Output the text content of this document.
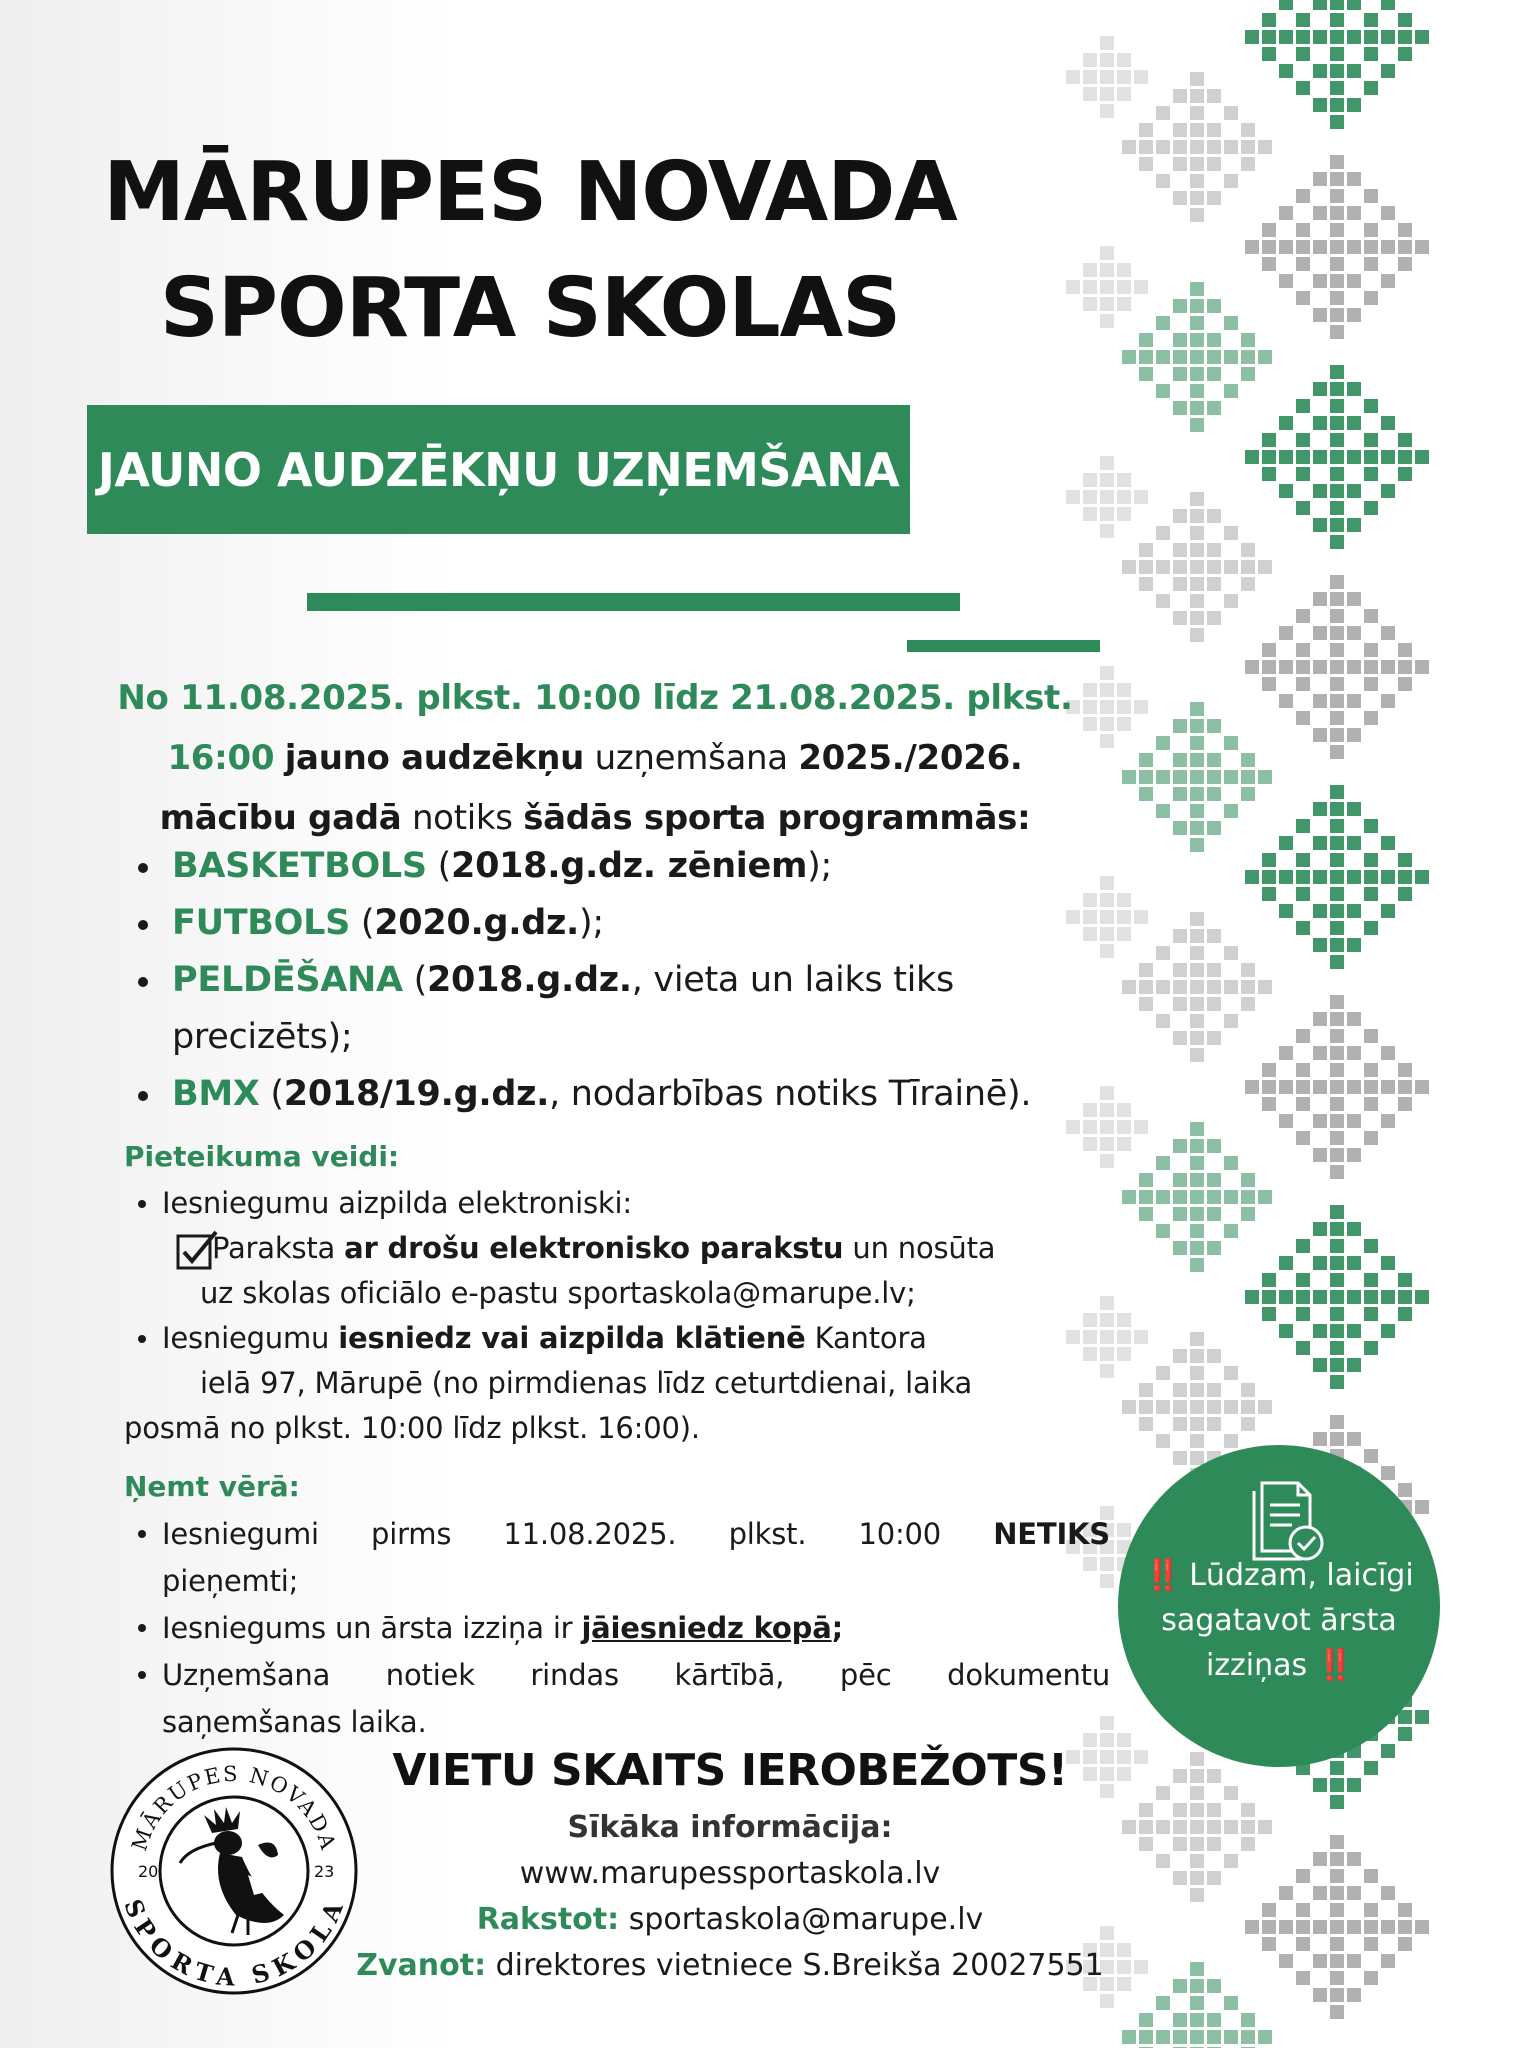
MĀRUPES NOVADA
SPORTA SKOLAS
JAUNO AUDZĒKŅU UZŅEMŠANA
No 11.08.2025. plkst. 10:00 līdz 21.08.2025. plkst.
16:00 jauno audzēkņu uzņemšana 2025./2026.
mācību gadā notiks šādās sporta programmās:
BASKETBOLS (2018.g.dz. zēniem);
FUTBOLS (2020.g.dz.);
PELDĒŠANA (2018.g.dz., vieta un laiks tiks precizēts);
BMX (2018/19.g.dz., nodarbības notiks Tīrainē).
Pieteikuma veidi:
Iesniegumu aizpilda elektroniski:
Paraksta ar drošu elektronisko parakstu un nosūta
uz skolas oficiālo e-pastu sportaskola@marupe.lv;
Iesniegumu iesniedz vai aizpilda klātienē Kantora
ielā 97, Mārupē (no pirmdienas līdz ceturtdienai, laika
posmā no plkst. 10:00 līdz plkst. 16:00).
Ņemt vērā:
Iesniegumi pirms 11.08.2025. plkst. 10:00 NETIKS
pieņemti;
Iesniegums un ārsta izziņa ir jāiesniedz kopā;
Uzņemšana notiek rindas kārtībā, pēc dokumentu
saņemšanas laika.
‼️ Lūdzam, laicīgi
sagatavot ārsta
izziņas ‼️
VIETU SKAITS IEROBEŽOTS!
Sīkāka informācija:
www.marupessportaskola.lv
Rakstot: sportaskola@marupe.lv
Zvanot: direktores vietniece S.Breikša 20027551
MĀRUPES NOVADA
SPORTA SKOLA
20	23
